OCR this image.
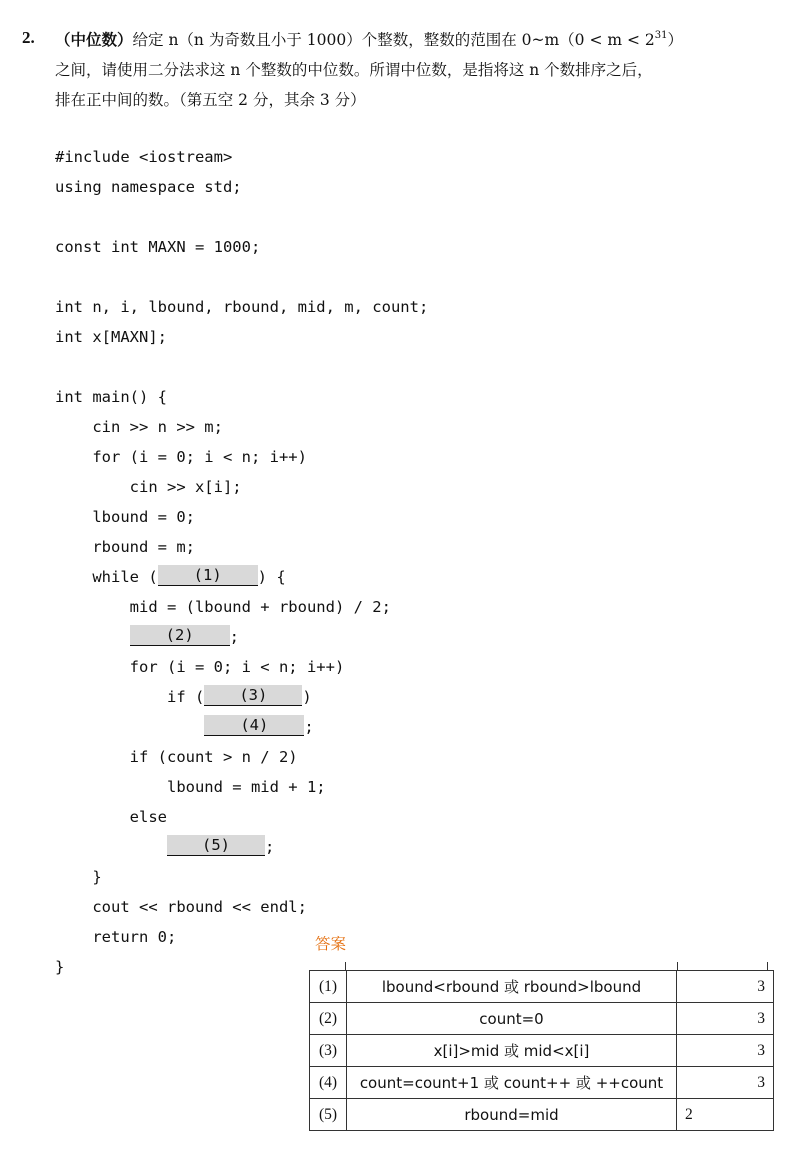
2. （中位数）给定 n（n 为奇数且小于 1000）个整数，整数的范围在 0~m（0 < $m < 2^{31}$）
之间，请使用二分法求这 n 个整数的中位数。所谓中位数，是指将这 n 个数排序之后，
排在正中间的数。（第五空 2 分，其余 3 分）
#include <iostream>
using namespace std;
const int MAXN = 1000;
int n, i, lbound, rbound, mid, m, count;
int x[MAXN];
int main() {
cin >> n >> m;
for (i = 0; i < n; i++)
cin >> x[i];
lbound = 0;
rbound = m;
while ( (1) ) {
mid = (lbound + rbound) / 2;
(2) ;
for (i = 0; i < n; i++)
if ( (3) )
(4) ;
if (count > n / 2)
lbound = mid + 1;
else
(5) ;
}
cout << rbound << endl;
return 0;
}
答案
(1)	lbound<rbound 或 rbound>lbound	3
(2)	count=0	3
(3)	x[i]>mid 或 mid<x[i]	3
(4)	count=count+1 或 count++ 或 ++count	3
(5)	rbound=mid	2
